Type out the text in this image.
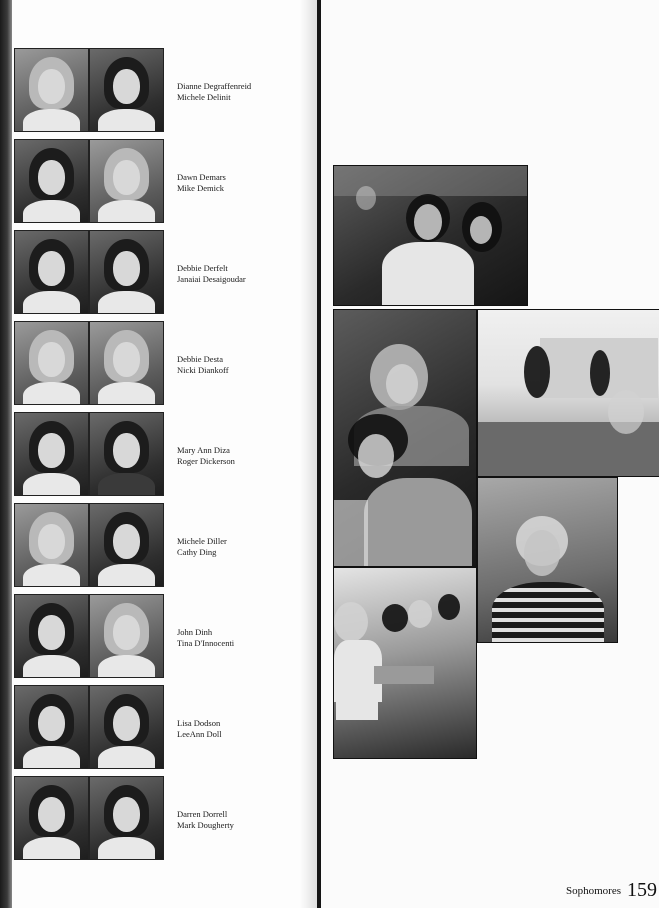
Dianne Degraffenreid
Michele Delinit
Dawn Demars
Mike Demick
Debbie Derfelt
Janaiai Desaigoudar
Debbie Desta
Nicki Diankoff
Mary Ann Diza
Roger Dickerson
Michele Diller
Cathy Ding
John Dinh
Tina D'Innocenti
Lisa Dodson
LeeAnn Doll
Darren Dorrell
Mark Dougherty
Sophomores 159
